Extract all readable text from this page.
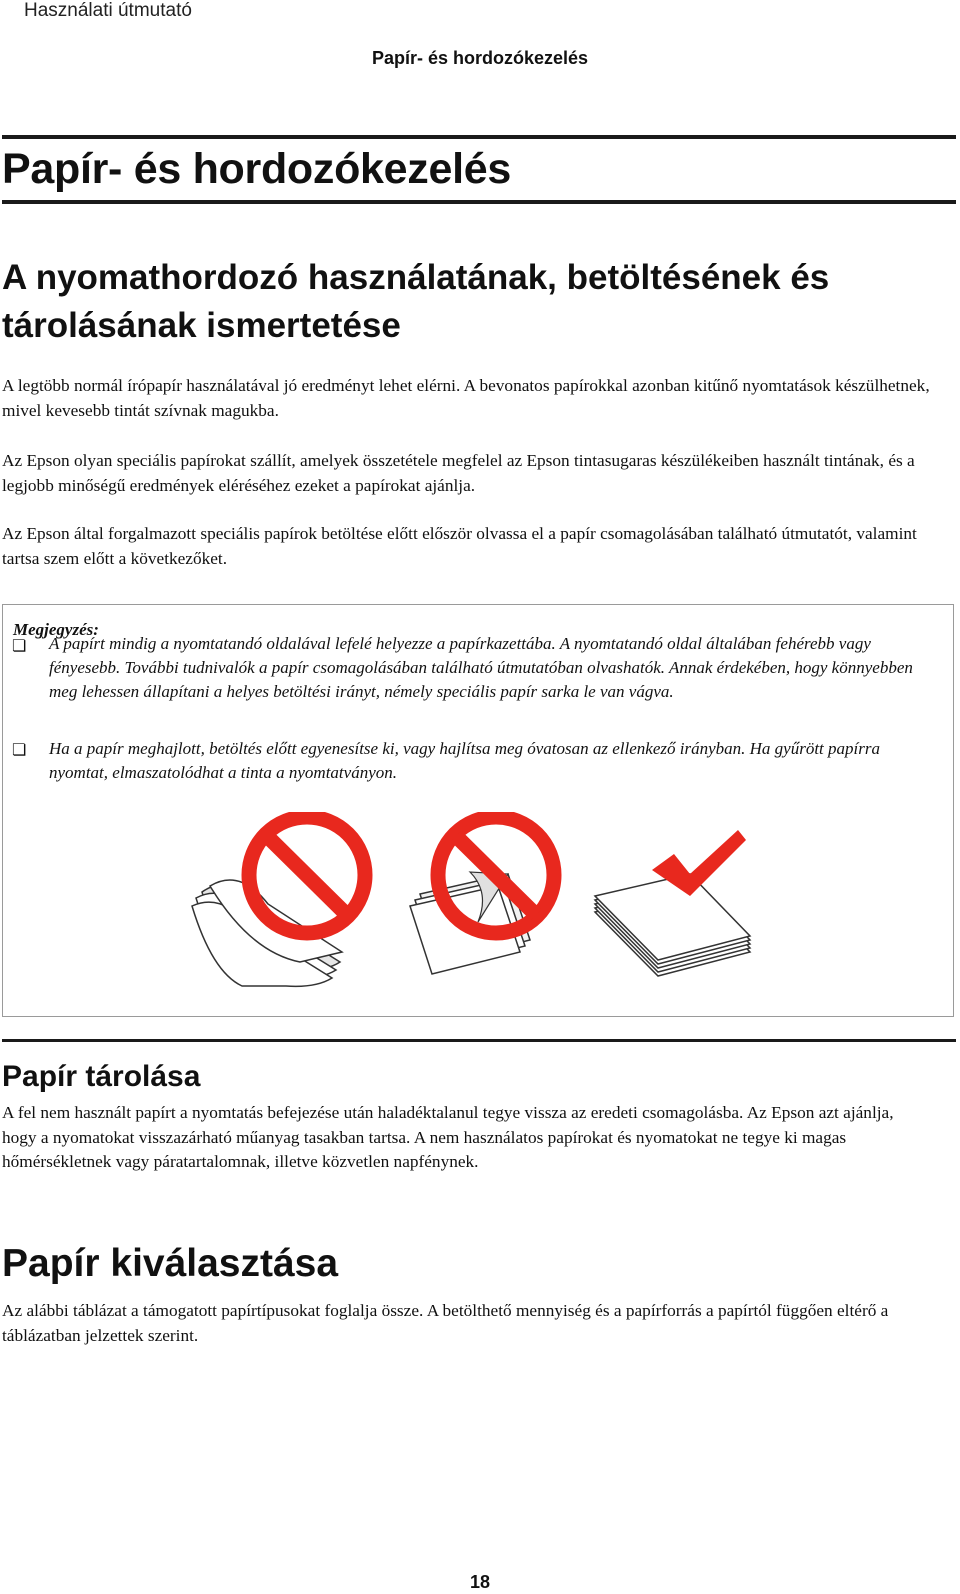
Használati útmutató
Papír- és hordozókezelés
Papír- és hordozókezelés
A nyomathordozó használatának, betöltésének és tárolásának ismertetése

A legtöbb normál írópapír használatával jó eredményt lehet elérni. A bevonatos papírokkal azonban kitűnő nyomtatások készülhetnek, mivel kevesebb tintát szívnak magukba.

Az Epson olyan speciális papírokat szállít, amelyek összetétele megfelel az Epson tintasugaras készülékeiben használt tintának, és a legjobb minőségű eredmények eléréséhez ezeket a papírokat ajánlja.

Az Epson által forgalmazott speciális papírok betöltése előtt először olvassa el a papír csomagolásában található útmutatót, valamint tartsa szem előtt a következőket.

Megjegyzés:
❏ A papírt mindig a nyomtatandó oldalával lefelé helyezze a papírkazettába. A nyomtatandó oldal általában fehérebb vagy fényesebb. További tudnivalók a papír csomagolásában található útmutatóban olvashatók. Annak érdekében, hogy könnyebben meg lehessen állapítani a helyes betöltési irányt, némely speciális papír sarka le van vágva.

❏ Ha a papír meghajlott, betöltés előtt egyenesítse ki, vagy hajlítsa meg óvatosan az ellenkező irányban. Ha gyűrött papírra nyomtat, elmaszatolódhat a tinta a nyomtatványon.

Papír tárolása

A fel nem használt papírt a nyomtatás befejezése után haladéktalanul tegye vissza az eredeti csomagolásba. Az Epson azt ajánlja, hogy a nyomatokat visszazárható műanyag tasakban tartsa. A nem használatos papírokat és nyomatokat ne tegye ki magas hőmérsékletnek vagy páratartalomnak, illetve közvetlen napfénynek.

Papír kiválasztása

Az alábbi táblázat a támogatott papírtípusokat foglalja össze. A betölthető mennyiség és a papírforrás a papírtól függően eltérő a táblázatban jelzettek szerint.

18
